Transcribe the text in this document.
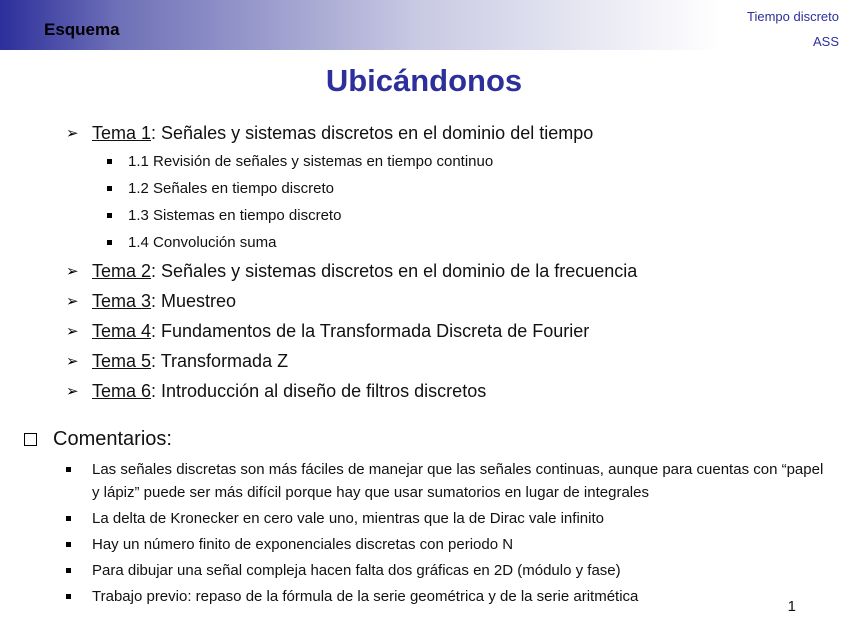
Esquema
Tiempo discreto
ASS
Ubicándonos
➢ Tema 1 : Señales y sistemas discretos en el dominio del tiempo
1.1 Revisión de señales y sistemas en tiempo continuo
1.2 Señales en tiempo discreto
1.3 Sistemas en tiempo discreto
1.4 Convolución suma
➢ Tema 2 : Señales y sistemas discretos en el dominio de la frecuencia
➢ Tema 3 : Muestreo
➢ Tema 4 : Fundamentos de la Transformada Discreta de Fourier
➢ Tema 5 : Transformada Z
➢ Tema 6 : Introducción al diseño de filtros discretos
Comentarios:
Las señales discretas son más fáciles de manejar que las señales continuas, aunque para cuentas con “papel y lápiz” puede ser más difícil porque hay que usar sumatorios en lugar de integrales
La delta de Kronecker en cero vale uno, mientras que la de Dirac vale infinito
Hay un número finito de exponenciales discretas con periodo N
Para dibujar una señal compleja hacen falta dos gráficas en 2D (módulo y fase)
Trabajo previo: repaso de la fórmula de la serie geométrica y de la serie aritmética
1
